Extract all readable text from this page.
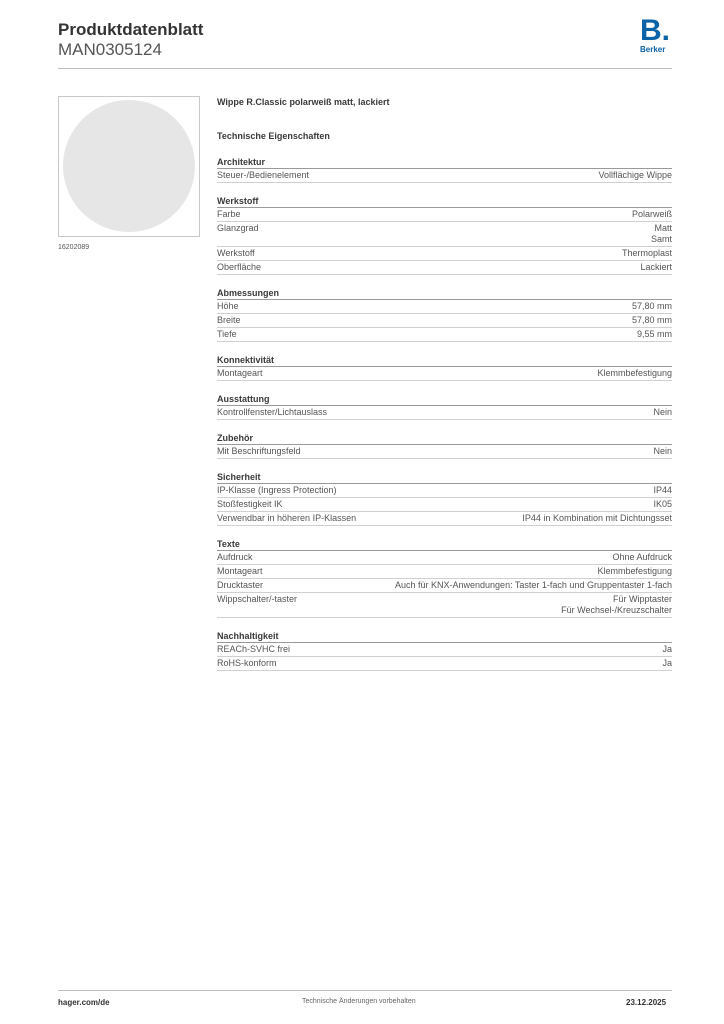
Produktdatenblatt
MAN0305124
B.
Berker
16202089
Wippe R.Classic polarweiß matt, lackiert
Technische Eigenschaften
Architektur
Steuer-/Bedienelement	Vollflächige Wippe
Werkstoff
Farbe	Polarweiß
Glanzgrad	Matt
Samt
Werkstoff	Thermoplast
Oberfläche	Lackiert
Abmessungen
Höhe	57,80 mm
Breite	57,80 mm
Tiefe	9,55 mm
Konnektivität
Montageart	Klemmbefestigung
Ausstattung
Kontrollfenster/Lichtauslass	Nein
Zubehör
Mit Beschriftungsfeld	Nein
Sicherheit
IP-Klasse (Ingress Protection)	IP44
Stoßfestigkeit IK	IK05
Verwendbar in höheren IP-Klassen	IP44 in Kombination mit Dichtungsset
Texte
Aufdruck	Ohne Aufdruck
Montageart	Klemmbefestigung
Drucktaster	Auch für KNX-Anwendungen: Taster 1-fach und Gruppentaster 1-fach
Wippschalter/-taster	Für Wipptaster
Für Wechsel-/Kreuzschalter
Nachhaltigkeit
REACh-SVHC frei	Ja
RoHS-konform	Ja
hager.com/de	Technische Änderungen vorbehalten	23.12.2025
